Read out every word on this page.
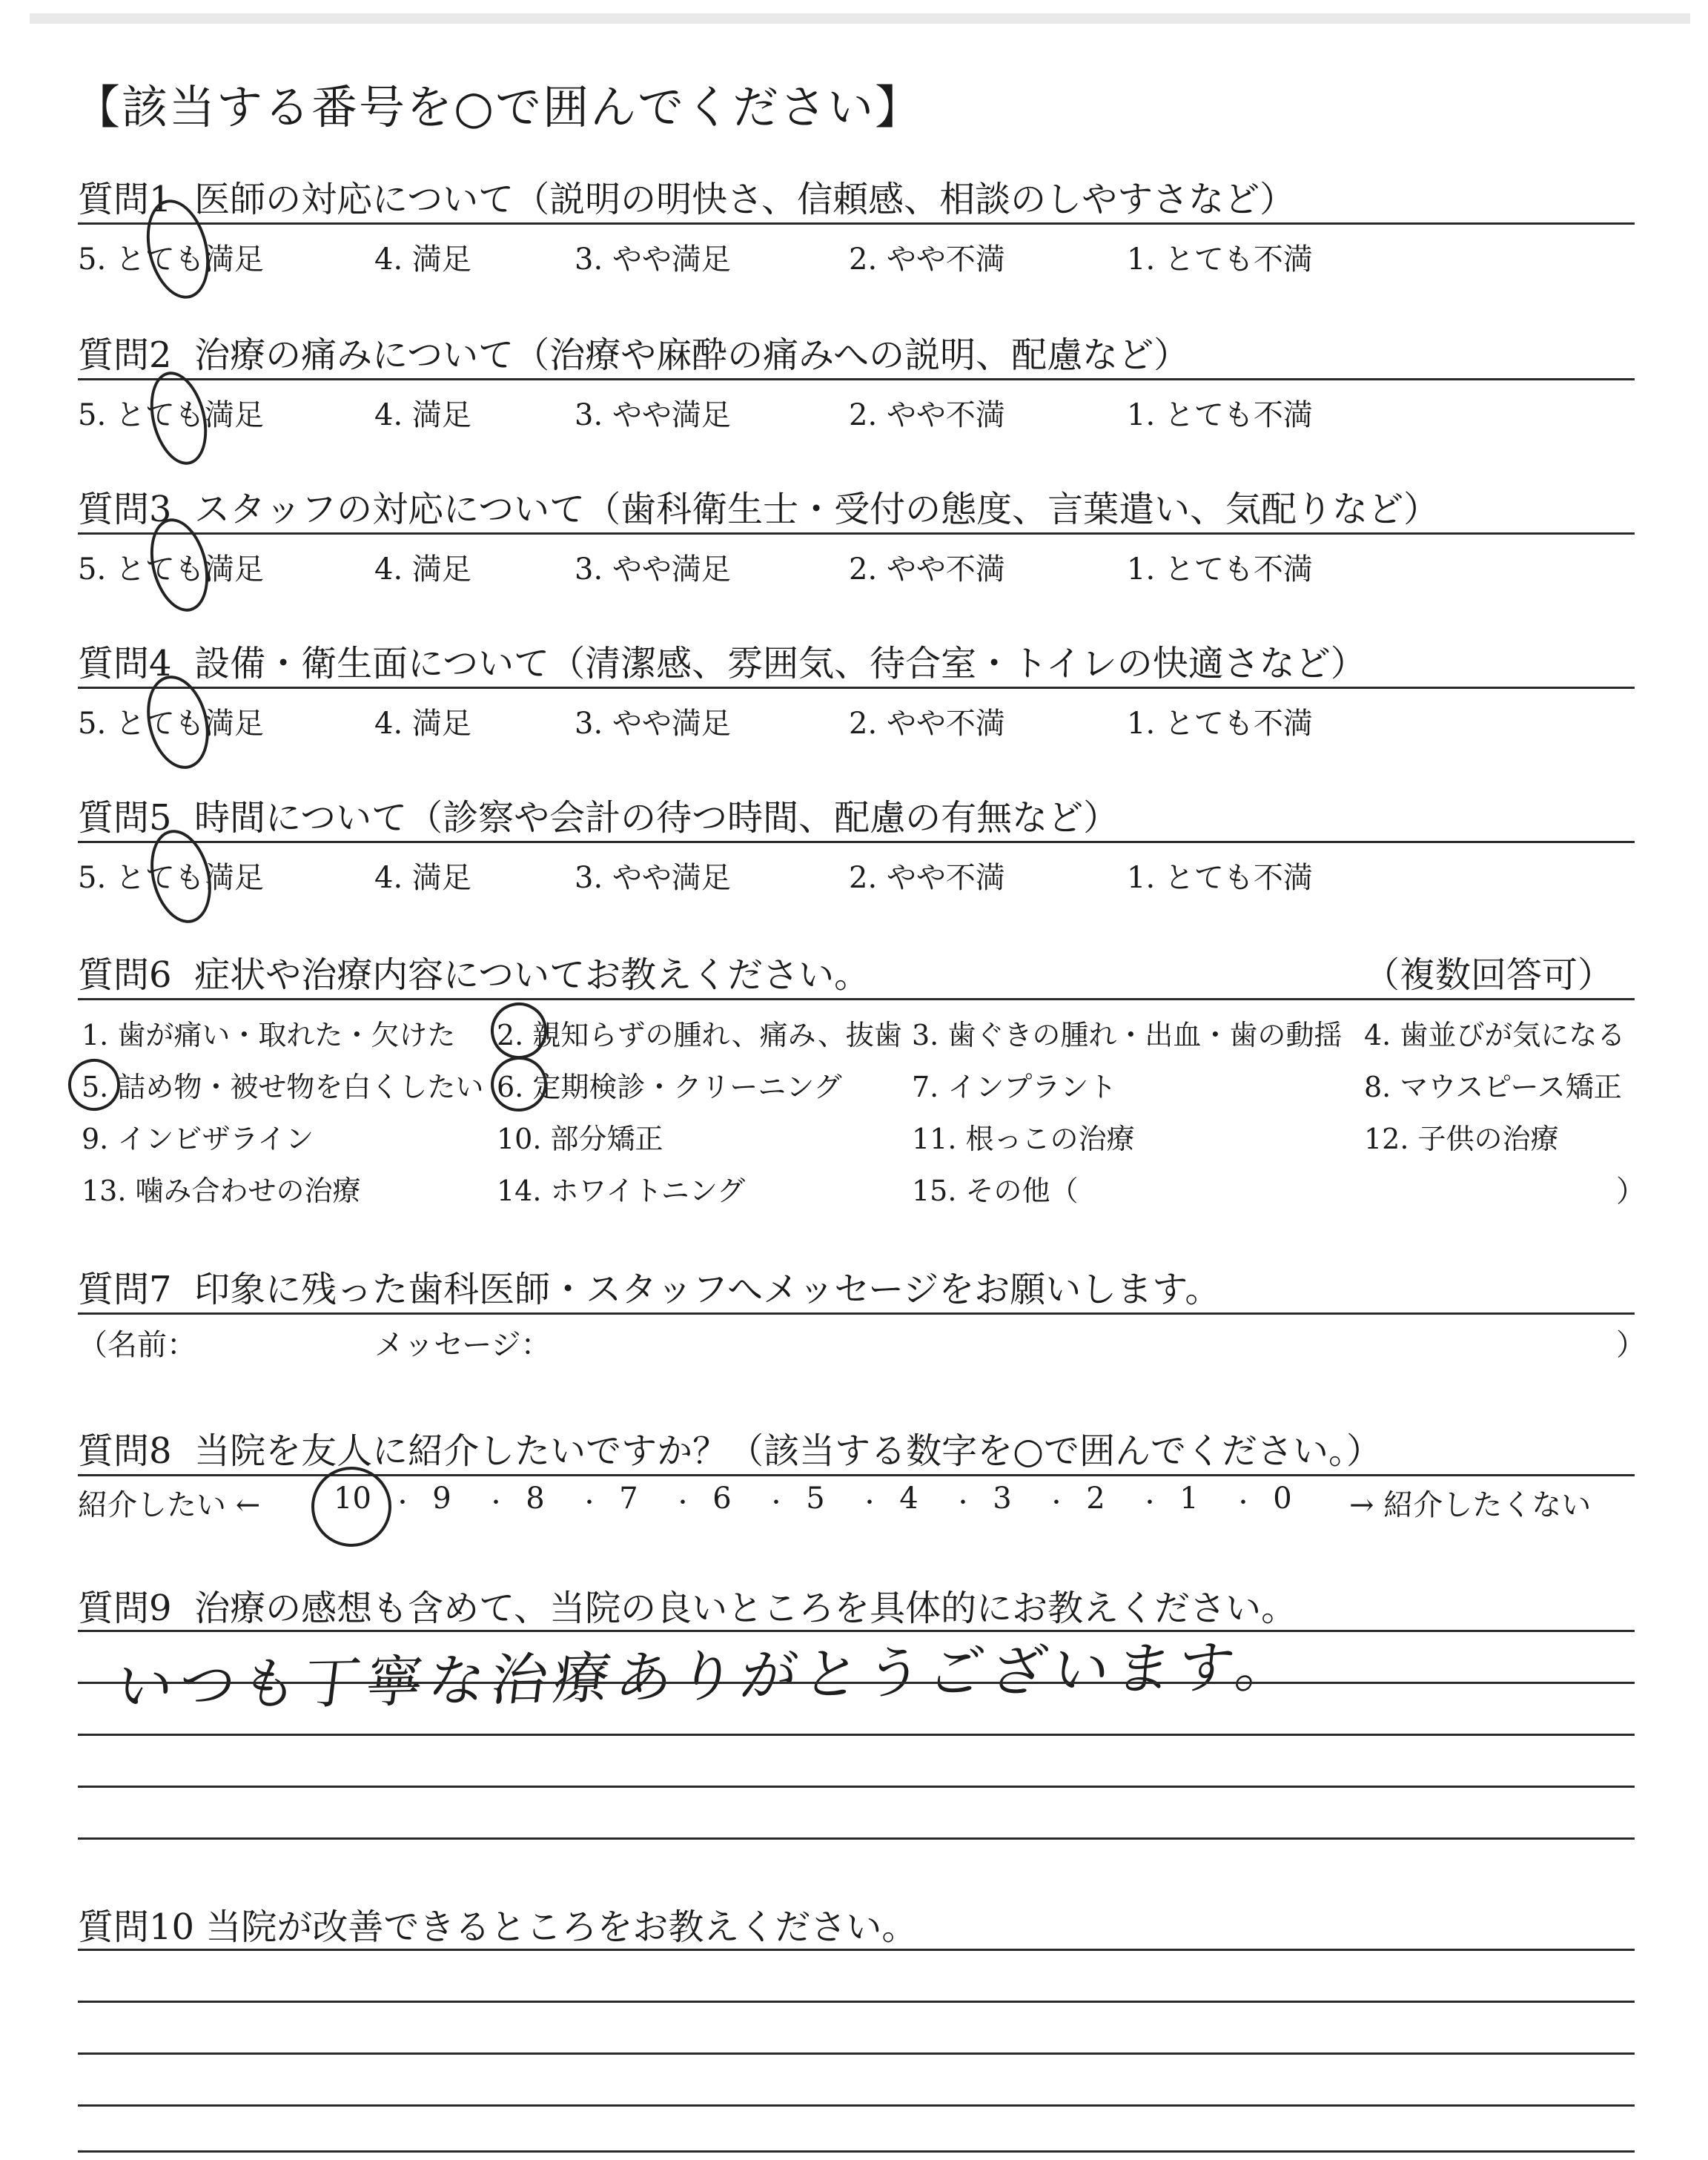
【該当する番号を○で囲んでください】
質問1 医師の対応について（説明の明快さ、信頼感、相談のしやすさなど）
5. とても満足	4. 満足	3. やや満足	2. やや不満	1. とても不満
質問2 治療の痛みについて（治療や麻酔の痛みへの説明、配慮など）
5. とても満足	4. 満足	3. やや満足	2. やや不満	1. とても不満
質問3 スタッフの対応について（歯科衛生士・受付の態度、言葉遣い、気配りなど）
5. とても満足	4. 満足	3. やや満足	2. やや不満	1. とても不満
質問4 設備・衛生面について（清潔感、雰囲気、待合室・トイレの快適さなど）
5. とても満足	4. 満足	3. やや満足	2. やや不満	1. とても不満
質問5 時間について（診察や会計の待つ時間、配慮の有無など）
5. とても満足	4. 満足	3. やや満足	2. やや不満	1. とても不満
質問6 症状や治療内容についてお教えください。	（複数回答可）
1. 歯が痛い・取れた・欠けた 2. 親知らずの腫れ、痛み、抜歯 3. 歯ぐきの腫れ・出血・歯の動揺 4. 歯並びが気になる
5. 詰め物・被せ物を白くしたい 6. 定期検診・クリーニング 7. インプラント	8. マウスピース矯正
9. インビザライン	10. 部分矯正	11. 根っこの治療	12. 子供の治療
13. 噛み合わせの治療	14. ホワイトニング	15. その他（	）
質問7 印象に残った歯科医師・スタッフへメッセージをお願いします。
（名前：	メッセージ：	）
質問8 当院を友人に紹介したいですか？（該当する数字を○で囲んでください。）
紹介したい ←	→ 紹介したくない
10 ・ 9 ・ 8 ・ 7 ・ 6 ・ 5 ・ 4 ・ 3 ・ 2 ・ 1 ・ 0
質問9 治療の感想も含めて、当院の良いところを具体的にお教えください。
いつも丁寧な治療ありがとうございます。
質問10 当院が改善できるところをお教えください。
